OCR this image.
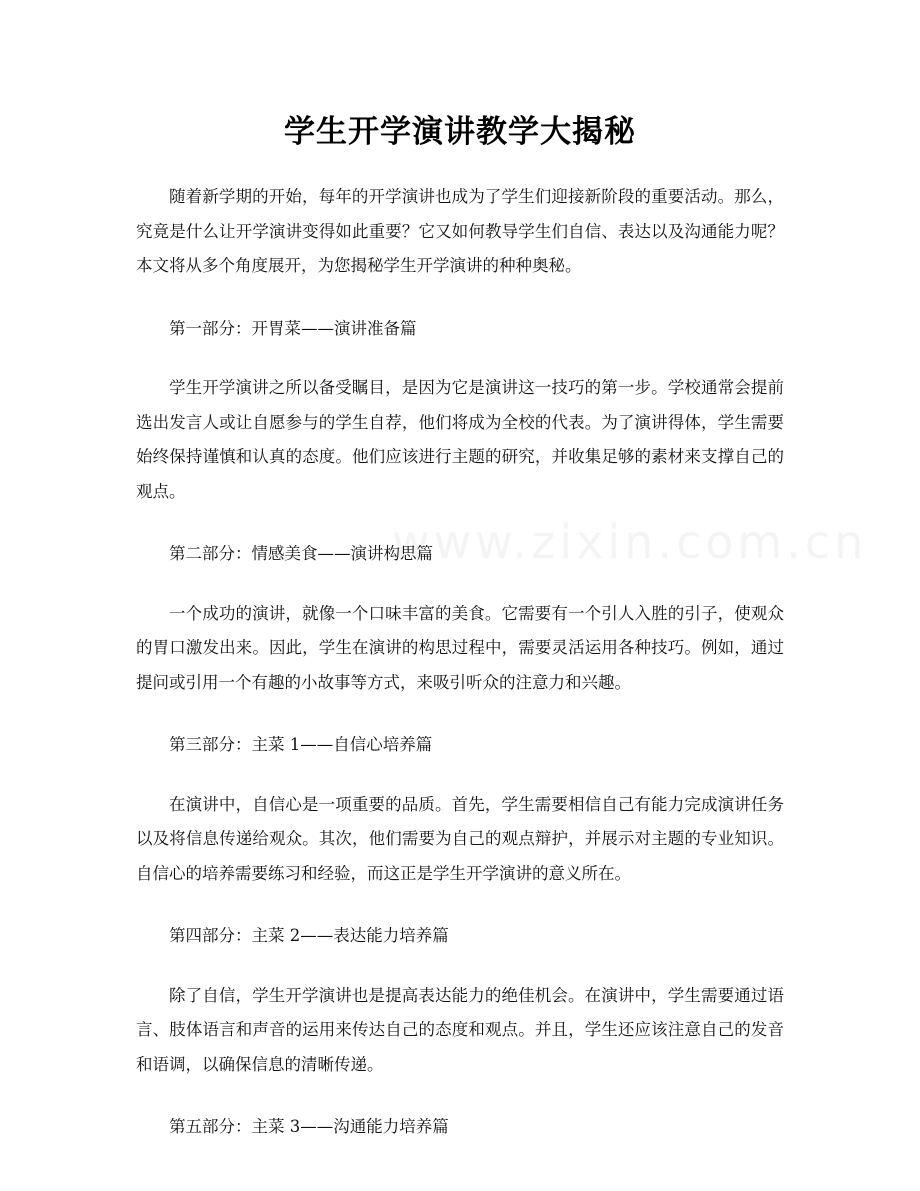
学生开学演讲教学大揭秘

随着新学期的开始，每年的开学演讲也成为了学生们迎接新阶段的重要活动。那么，究竟是什么让开学演讲变得如此重要？它又如何教导学生们自信、表达以及沟通能力呢？本文将从多个角度展开，为您揭秘学生开学演讲的种种奥秘。

第一部分：开胃菜——演讲准备篇

学生开学演讲之所以备受瞩目，是因为它是演讲这一技巧的第一步。学校通常会提前选出发言人或让自愿参与的学生自荐，他们将成为全校的代表。为了演讲得体，学生需要始终保持谨慎和认真的态度。他们应该进行主题的研究，并收集足够的素材来支撑自己的观点。

第二部分：情感美食——演讲构思篇

一个成功的演讲，就像一个口味丰富的美食。它需要有一个引人入胜的引子，使观众的胃口激发出来。因此，学生在演讲的构思过程中，需要灵活运用各种技巧。例如，通过提问或引用一个有趣的小故事等方式，来吸引听众的注意力和兴趣。

第三部分：主菜 1——自信心培养篇

在演讲中，自信心是一项重要的品质。首先，学生需要相信自己有能力完成演讲任务以及将信息传递给观众。其次，他们需要为自己的观点辩护，并展示对主题的专业知识。自信心的培养需要练习和经验，而这正是学生开学演讲的意义所在。

第四部分：主菜 2——表达能力培养篇

除了自信，学生开学演讲也是提高表达能力的绝佳机会。在演讲中，学生需要通过语言、肢体语言和声音的运用来传达自己的态度和观点。并且，学生还应该注意自己的发音和语调，以确保信息的清晰传递。

第五部分：主菜 3——沟通能力培养篇
